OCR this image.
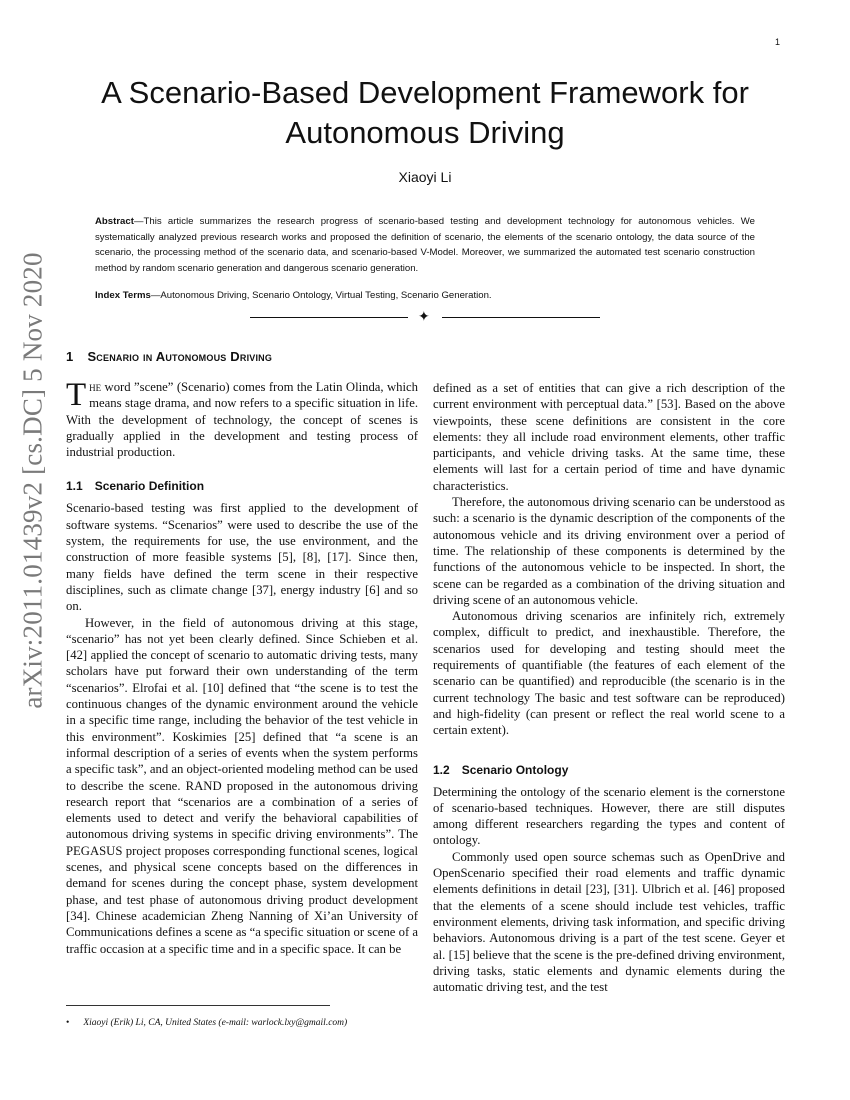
1
arXiv:2011.01439v2 [cs.DC] 5 Nov 2020
A Scenario-Based Development Framework for Autonomous Driving
Xiaoyi Li
Abstract—This article summarizes the research progress of scenario-based testing and development technology for autonomous vehicles. We systematically analyzed previous research works and proposed the definition of scenario, the elements of the scenario ontology, the data source of the scenario, the processing method of the scenario data, and scenario-based V-Model. Moreover, we summarized the automated test scenario construction method by random scenario generation and dangerous scenario generation.
Index Terms—Autonomous Driving, Scenario Ontology, Virtual Testing, Scenario Generation.
✦
1 Scenario in Autonomous Driving

The word ”scene” (Scenario) comes from the Latin Olinda, which means stage drama, and now refers to a specific situation in life. With the development of technology, the concept of scenes is gradually applied in the development and testing process of industrial production.

1.1 Scenario Definition

Scenario-based testing was first applied to the development of software systems. “Scenarios” were used to describe the use of the system, the requirements for use, the use environment, and the construction of more feasible systems [5], [8], [17]. Since then, many fields have defined the term scene in their respective disciplines, such as climate change [37], energy industry [6] and so on.

However, in the field of autonomous driving at this stage, “scenario” has not yet been clearly defined. Since Schieben et al. [42] applied the concept of scenario to automatic driving tests, many scholars have put forward their own understanding of the term “scenarios”. Elrofai et al. [10] defined that “the scene is to test the continuous changes of the dynamic environment around the vehicle in a specific time range, including the behavior of the test vehicle in this environment”. Koskimies [25] defined that “a scene is an informal description of a series of events when the system performs a specific task”, and an object-oriented modeling method can be used to describe the scene. RAND proposed in the autonomous driving research report that “scenarios are a combination of a series of elements used to detect and verify the behavioral capabilities of autonomous driving systems in specific driving environments”. The PEGASUS project proposes corresponding functional scenes, logical scenes, and physical scene concepts based on the differences in demand for scenes during the concept phase, system development phase, and test phase of autonomous driving product development [34]. Chinese academician Zheng Nanning of Xi’an University of Communications defines a scene as “a specific situation or scene of a traffic occasion at a specific time and in a specific space. It can be

defined as a set of entities that can give a rich description of the current environment with perceptual data.” [53]. Based on the above viewpoints, these scene definitions are consistent in the core elements: they all include road environment elements, other traffic participants, and vehicle driving tasks. At the same time, these elements will last for a certain period of time and have dynamic characteristics.

Therefore, the autonomous driving scenario can be understood as such: a scenario is the dynamic description of the components of the autonomous vehicle and its driving environment over a period of time. The relationship of these components is determined by the functions of the autonomous vehicle to be inspected. In short, the scene can be regarded as a combination of the driving situation and driving scene of an autonomous vehicle.

Autonomous driving scenarios are infinitely rich, extremely complex, difficult to predict, and inexhaustible. Therefore, the scenarios used for developing and testing should meet the requirements of quantifiable (the features of each element of the scenario can be quantified) and reproducible (the scenario is in the current technology The basic and test software can be reproduced) and high-fidelity (can present or reflect the real world scene to a certain extent).

1.2 Scenario Ontology

Determining the ontology of the scenario element is the cornerstone of scenario-based techniques. However, there are still disputes among different researchers regarding the types and content of ontology.

Commonly used open source schemas such as OpenDrive and OpenScenario specified their road elements and traffic dynamic elements definitions in detail [23], [31]. Ulbrich et al. [46] proposed that the elements of a scene should include test vehicles, traffic environment elements, driving task information, and specific driving behaviors. Autonomous driving is a part of the test scene. Geyer et al. [15] believe that the scene is the pre-defined driving environment, driving tasks, static elements and dynamic elements during the automatic driving test, and the test

• Xiaoyi (Erik) Li, CA, United States (e-mail: warlock.lxy@gmail.com)
